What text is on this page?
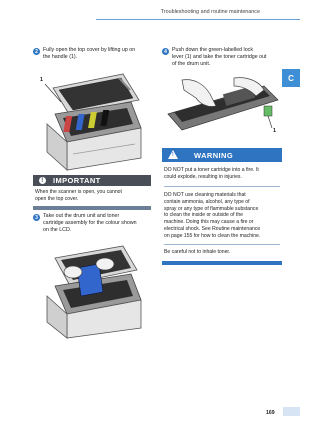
Troubleshooting and routine maintenance
C
2 Fully open the top cover by lifting up on
the handle (1).
1
!	IMPORTANT
When the scanner is open, you cannot
open the top cover.
3 Take out the drum unit and toner
cartridge assembly for the colour shown
on the LCD.
4 Push down the green-labelled lock
lever (1) and take the toner cartridge out
of the drum unit.
1
!	WARNING
DO NOT put a toner cartridge into a fire. It
could explode, resulting in injuries.
DO NOT use cleaning materials that
contain ammonia, alcohol, any type of
spray or any type of flammable substance
to clean the inside or outside of the
machine. Doing this may cause a fire or
electrical shock. See Routine maintenance
on page 155 for how to clean the machine.
Be careful not to inhale toner.
169
